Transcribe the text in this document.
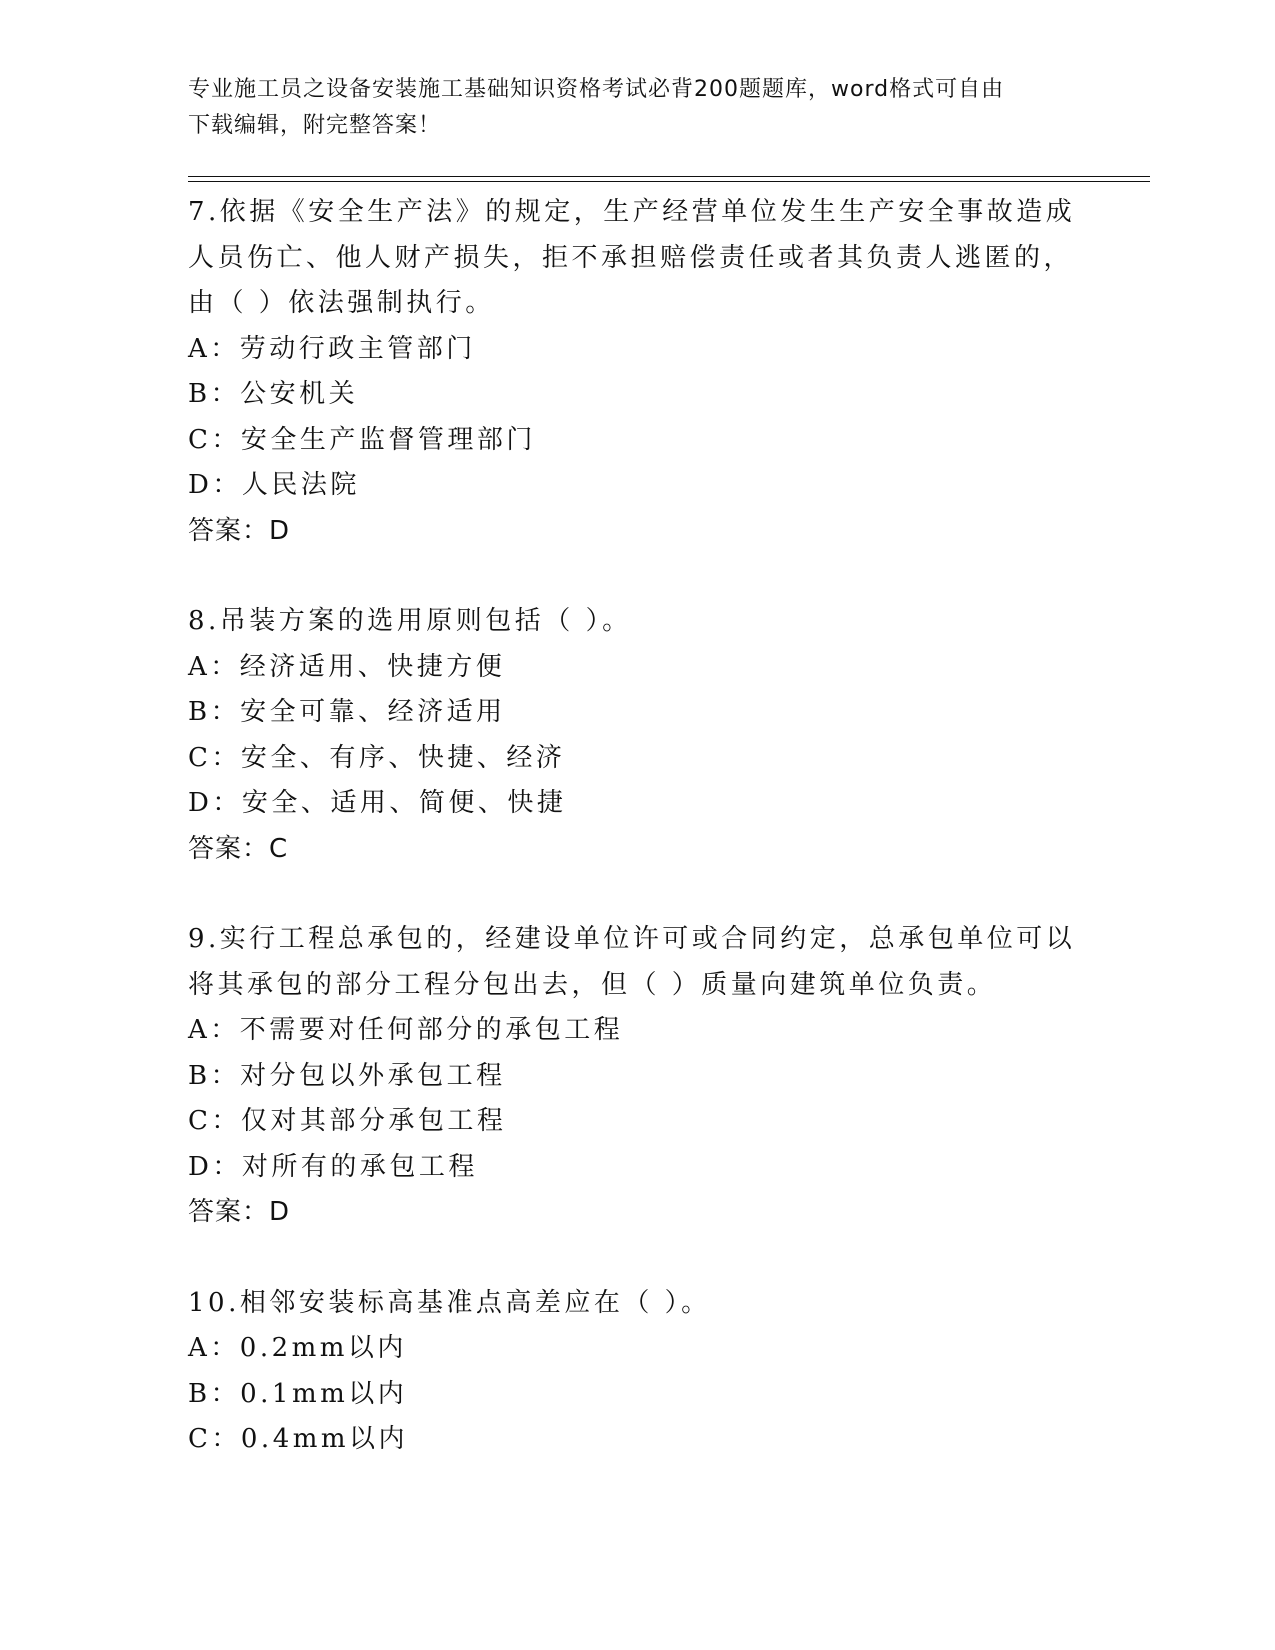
专业施工员之设备安装施工基础知识资格考试必背200题题库，word格式可自由
下载编辑，附完整答案！
7.依据《安全生产法》的规定，生产经营单位发生生产安全事故造成
人员伤亡、他人财产损失，拒不承担赔偿责任或者其负责人逃匿的，
由（ ）依法强制执行。
A：劳动行政主管部门
B：公安机关
C：安全生产监督管理部门
D：人民法院
答案：D
8.吊装方案的选用原则包括（ ）。
A：经济适用、快捷方便
B：安全可靠、经济适用
C：安全、有序、快捷、经济
D：安全、适用、简便、快捷
答案：C
9.实行工程总承包的，经建设单位许可或合同约定，总承包单位可以
将其承包的部分工程分包出去，但（ ）质量向建筑单位负责。
A：不需要对任何部分的承包工程
B：对分包以外承包工程
C：仅对其部分承包工程
D：对所有的承包工程
答案：D
10.相邻安装标高基准点高差应在（ ）。
A：0.2mm以内
B：0.1mm以内
C：0.4mm以内
